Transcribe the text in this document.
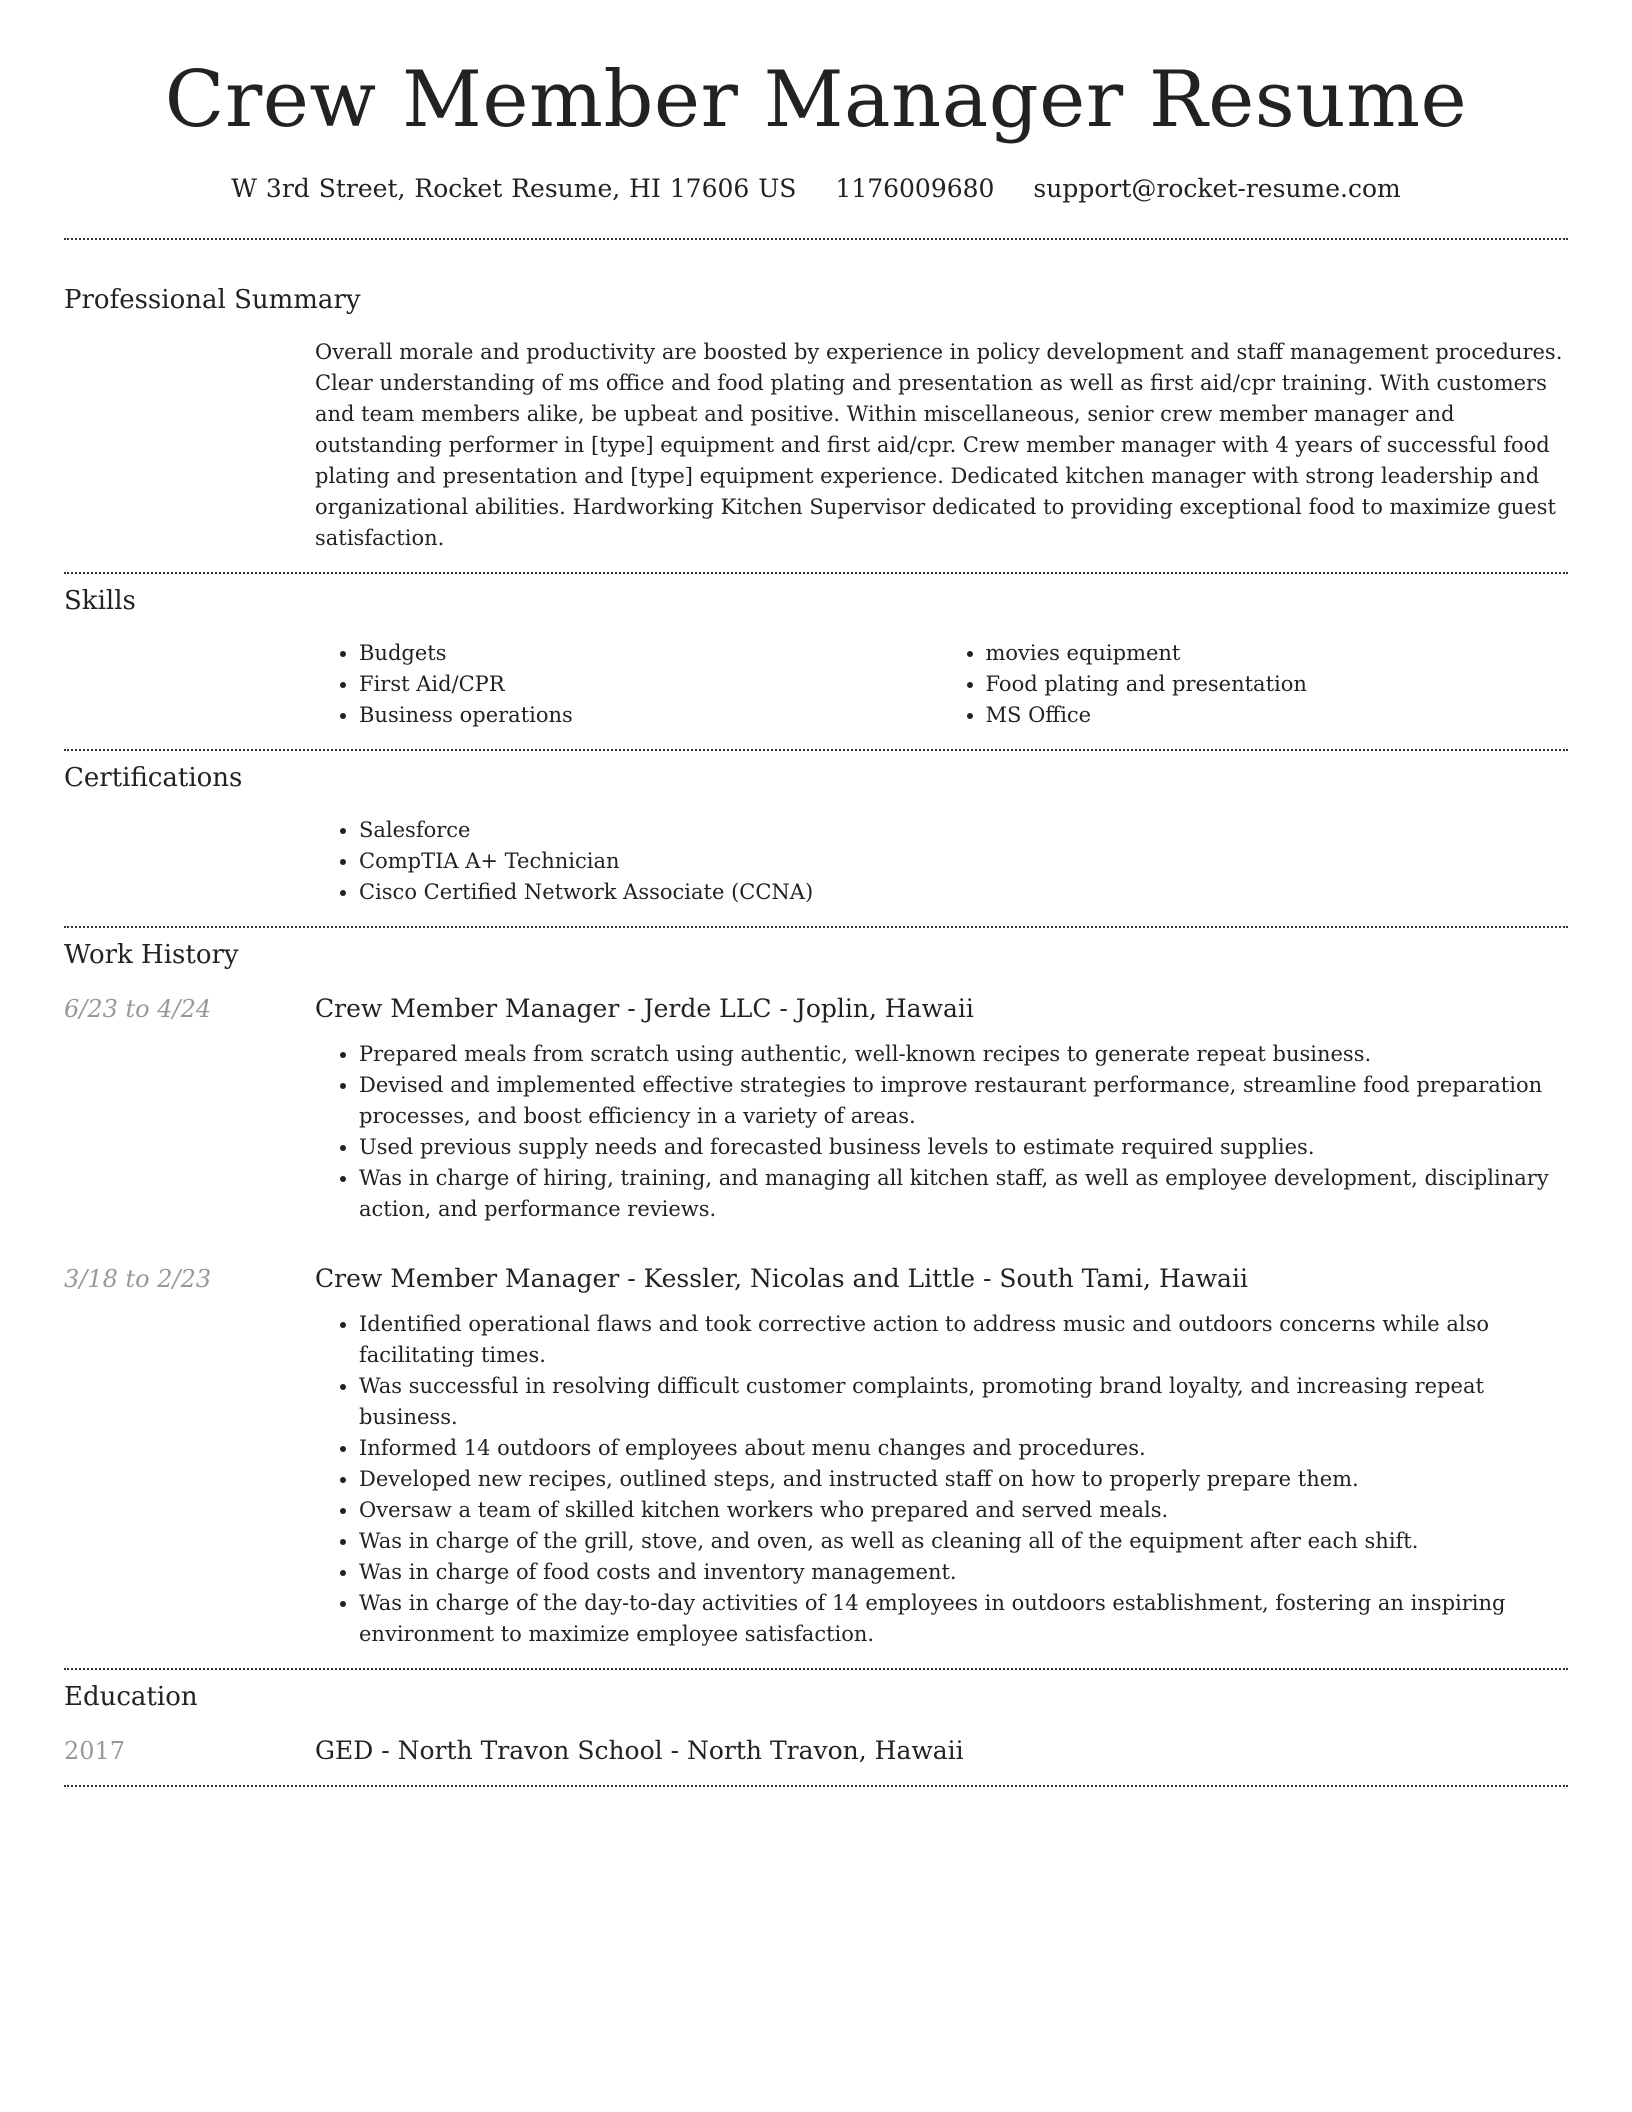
Crew Member Manager Resume
W 3rd Street, Rocket Resume, HI 17606 US 1176009680 support@rocket-resume.com
Professional Summary

Overall morale and productivity are boosted by experience in policy development and staff management procedures. Clear understanding of ms office and food plating and presentation as well as first aid/cpr training. With customers and team members alike, be upbeat and positive. Within miscellaneous, senior crew member manager and outstanding performer in [type] equipment and first aid/cpr. Crew member manager with 4 years of successful food plating and presentation and [type] equipment experience. Dedicated kitchen manager with strong leadership and organizational abilities. Hardworking Kitchen Supervisor dedicated to providing exceptional food to maximize guest satisfaction.

Skills
• Budgets
• First Aid/CPR
• Business operations
• movies equipment
• Food plating and presentation
• MS Office
Certifications
• Salesforce
• CompTIA A+ Technician
• Cisco Certified Network Associate (CCNA)
Work History
6/23 to 4/24	Crew Member Manager - Jerde LLC - Joplin, Hawaii
• Prepared meals from scratch using authentic, well-known recipes to generate repeat business.
• Devised and implemented effective strategies to improve restaurant performance, streamline food preparation processes, and boost efficiency in a variety of areas.
• Used previous supply needs and forecasted business levels to estimate required supplies.
• Was in charge of hiring, training, and managing all kitchen staff, as well as employee development, disciplinary action, and performance reviews.
3/18 to 2/23	Crew Member Manager - Kessler, Nicolas and Little - South Tami, Hawaii
• Identified operational flaws and took corrective action to address music and outdoors concerns while also facilitating times.
• Was successful in resolving difficult customer complaints, promoting brand loyalty, and increasing repeat business.
• Informed 14 outdoors of employees about menu changes and procedures.
• Developed new recipes, outlined steps, and instructed staff on how to properly prepare them.
• Oversaw a team of skilled kitchen workers who prepared and served meals.
• Was in charge of the grill, stove, and oven, as well as cleaning all of the equipment after each shift.
• Was in charge of food costs and inventory management.
• Was in charge of the day-to-day activities of 14 employees in outdoors establishment, fostering an inspiring environment to maximize employee satisfaction.
Education
2017	GED - North Travon School - North Travon, Hawaii
